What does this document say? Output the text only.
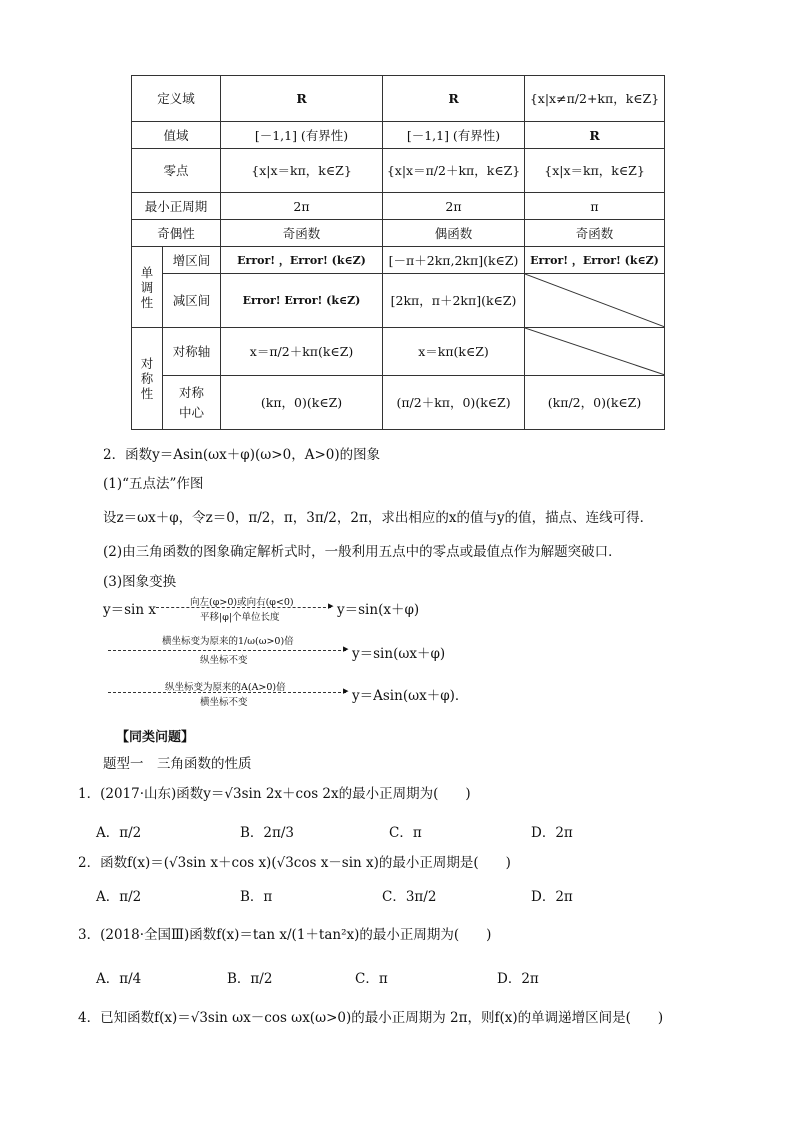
定义域		R	R	{x|x≠π/2+kπ，k∈Z}
值域		[－1,1] (有界性)	[－1,1] (有界性)	R
零点		{x|x＝kπ，k∈Z}	{x|x＝π/2＋kπ，k∈Z}	{x|x＝kπ，k∈Z}
最小正周期		2π	2π	π
奇偶性		奇函数	偶函数	奇函数
单调性	增区间	Error! ，Error! (k∈Z)	[－π＋2kπ,2kπ](k∈Z)	Error! ，Error! (k∈Z)
	减区间	Error! Error! (k∈Z)	[2kπ，π＋2kπ](k∈Z)	

对称性	对称轴	x＝π/2＋kπ(k∈Z)	x＝kπ(k∈Z)	

	对称中心	(kπ，0)(k∈Z)	(π/2＋kπ，0)(k∈Z)	(kπ/2，0)(k∈Z)
2．函数y＝Asin(ωx＋φ)(ω>0，A>0)的图象
(1)“五点法”作图
设z＝ωx＋φ，令z＝0，π/2，π，3π/2，2π，求出相应的x的值与y的值，描点、连线可得．
(2)由三角函数的图象确定解析式时，一般利用五点中的零点或最值点作为解题突破口．
(3)图象变换
y＝sin x	向左(φ>0)或向右(φ<0)
平移|φ|个单位长度
▸ y＝sin(x＋φ)
横坐标变为原来的1/ω(ω>0)倍
纵坐标不变
▸ y＝sin(ωx＋φ)
纵坐标变为原来的A(A>0)倍
横坐标不变
▸ y＝Asin(ωx＋φ)．
【同类问题】
题型一　三角函数的性质
1．(2017·山东)函数y＝√3sin 2x＋cos 2x的最小正周期为(　　)
A．π/2	B．2π/3	C．π	D．2π
2．函数f(x)＝(√3sin x＋cos x)(√3cos x－sin x)的最小正周期是(　　)
A．π/2	B．π	C．3π/2	D．2π
3．(2018·全国Ⅲ)函数f(x)＝tan x/(1＋tan²x)的最小正周期为(　　)
A．π/4	B．π/2	C．π	D．2π
4．已知函数f(x)＝√3sin ωx－cos ωx(ω>0)的最小正周期为 2π，则f(x)的单调递增区间是(　　)
